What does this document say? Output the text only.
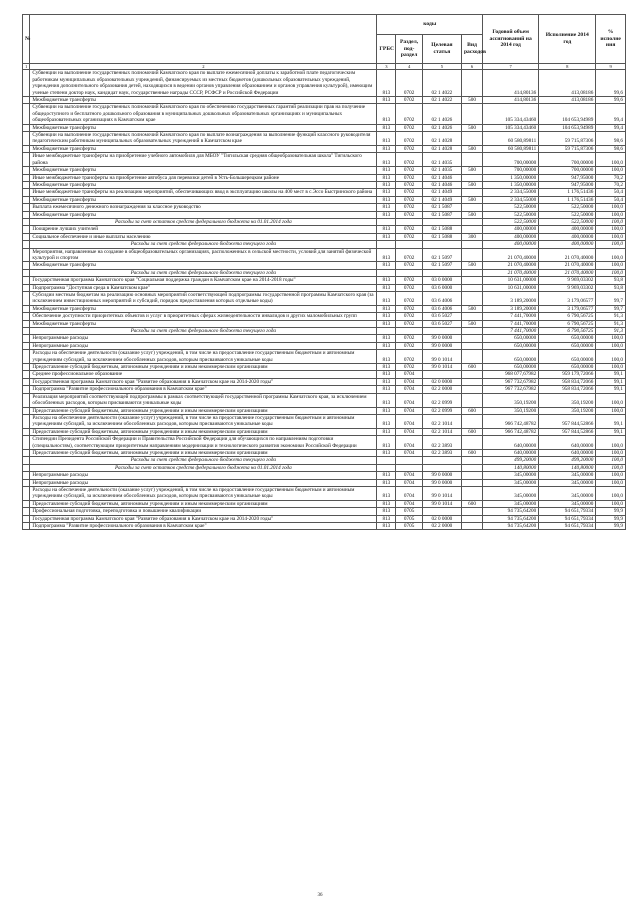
№		коды				Годовой объем ассигнований на 2014 год	Исполнение 2014 год	% исполне ния
		ГРБС	Раздел, под-раздел	Целевая статья	Вид расходов			
1	2	3	4	5	6	7	8	9
	Субвенции на выполнение государственных полномочий Камчатского края по выплате ежемесячной доплаты к заработной плате педагогическим работникам муниципальных образовательных учреждений, финансируемых из местных бюджетов (дошкольных образовательных учреждений, учреждения дополнительного образования детей, находящихся в ведении органов управления образованием и органов управления культурой), имеющим ученые степени доктор наук, кандидат наук, государственные награды СССР, РСФСР и Российской Федерации	813	0702	02 1 4022		414,80136	413,08186	99,6
	Межбюджетные трансферты	813	0702	02 1 4022	500	414,80136	413,08186	99,6
	Субвенции на выполнение государственных полномочий Камчатского края по обеспечению государственных гарантий реализации прав на получение общедоступного и бесплатного дошкольного образования в муниципальных дошкольных образовательных организациях и муниципальных общеобразовательных организациях в Камчатском крае	813	0702	02 1 4026		105 334,43460	104 653,94989	99,4
	Межбюджетные трансферты	813	0702	02 1 4026	500	105 334,43460	104 653,94989	99,4
	Субвенции на выполнение государственных полномочий Камчатского края по выплате вознаграждения за выполнение функций классного руководителя педагогическим работникам муниципальных образовательных учреждений в Камчатском крае	813	0702	02 1 4028		60 580,89811	59 715,87306	98,6
	Межбюджетные трансферты	813	0702	02 1 4028	500	60 580,89811	59 715,87306	98,6
	Иные межбюджетные трансферты на приобретение учебного автомобиля для МБОУ "Тигильская средняя общеобразовательная школа" Тигильского района	813	0702	02 1 4035		700,00000	700,00000	100,0
	Межбюджетные трансферты	813	0702	02 1 4035	500	700,00000	700,00000	100,0
	Иные межбюджетные трансферты на приобретение автобуса для перевозки детей в Усть-Большерецком районе	813	0702	02 1 4046		1 350,00000	947,95000	70,2
	Межбюджетные трансферты	813	0702	02 1 4046	500	1 350,00000	947,95000	70,2
	Иные межбюджетные трансферты на реализацию мероприятий, обеспечивающих ввод в эксплуатацию школы на 400 мест в с.Эссо Быстринского района	813	0702	02 1 4049		2 334,55000	1 176,51436	50,4
	Межбюджетные трансферты	813	0702	02 1 4049	500	2 334,55000	1 176,51436	50,4
	Выплата ежемесячного денежного вознаграждения за классное руководство	813	0702	02 1 5087		522,50000	522,50000	100,0
	Межбюджетные трансферты	813	0702	02 1 5087	500	522,50000	522,50000	100,0
	Расходы за счет остатков средств федерального бюджета на 01.01.2014 года					522,50000	522,50000	100,0
	Поощрение лучших учителей	813	0702	02 1 5088		400,00000	400,00000	100,0
	Социальное обеспечение и иные выплаты населению	813	0702	02 1 5088	300	400,00000	400,00000	100,0
	Расходы за счет средств федерального бюджета текущего года					400,00000	400,00000	100,0
	Мероприятия, направленные на создание в общеобразовательных организациях, расположенных в сельской местности, условий для занятий физической культурой и спортом	813	0702	02 1 5097		21 070,40000	21 070,40000	100,0
	Межбюджетные трансферты	813	0702	02 1 5097	500	21 070,40000	21 070,40000	100,0
	Расходы за счет средств федерального бюджета текущего года					21 070,40000	21 070,40000	100,0
	Государственная программа Камчатского края "Социальная поддержка граждан в Камчатском крае на 2014-2018 годы"	813	0702	03 0 0000		10 631,00000	9 969,03302	93,8
	Подпрограмма "Доступная среда в Камчатском крае"	813	0702	03 6 0000		10 631,00000	9 969,03302	93,8
	Субсидии местным бюджетам на реализацию основных мероприятий соответствующей подпрограммы государственной программы Камчатского края (за исключением инвестиционных мероприятий и субсидий, порядок предоставления которых отдельные коды)	813	0702	03 6 4006		3 189,20000	3 179,06577	99,7
	Межбюджетные трансферты	813	0702	03 6 4006	500	3 189,20000	3 179,06577	99,7
	Обеспечение доступности приоритетных объектов и услуг в приоритетных сферах жизнедеятельности инвалидов и других маломобильных групп	813	0702	03 6 5027		7 441,70000	6 790,56725	91,3
	Межбюджетные трансферты	813	0702	03 6 5027	500	7 441,70000	6 790,56725	91,3
	Расходы за счет средств федерального бюджета текущего года					7 441,70000	6 790,56725	91,3
	Непрограммные расходы	813	0702	99 0 0000		650,00000	650,00000	100,0
	Непрограммные расходы	813	0702	99 0 0000		650,00000	650,00000	100,0
	Расходы на обеспечение деятельности (оказание услуг) учреждений, в том числе на предоставление государственным бюджетным и автономным учреждениям субсидий, за исключением обособленных расходов, которым присваиваются уникальные коды	813	0702	99 0 1014		650,00000	650,00000	100,0
	Предоставление субсидий бюджетным, автономным учреждениям и иным некоммерческим организациям	813	0702	99 0 1014	600	650,00000	650,00000	100,0
	Среднее профессиональное образование	813	0704			968 077,67982	959 179,72066	99,1
	Государственная программа Камчатского края "Развитие образования в Камчатском крае на 2014-2020 годы"	813	0704	02 0 0000		967 732,67982	958 834,72066	99,1
	Подпрограмма "Развитие профессионального образования в Камчатском крае"	813	0704	02 2 0000		967 732,67982	958 834,72066	99,1
	Реализация мероприятий соответствующей подпрограммы в рамках соответствующей государственной программы Камчатского края, за исключением обособленных расходов, которым присваиваются уникальные коды	813	0704	02 2 0999		350,19200	350,19200	100,0
	Предоставление субсидий бюджетным, автономным учреждениям и иным некоммерческим организациям	813	0704	02 2 0999	600	350,19200	350,19200	100,0
	Расходы на обеспечение деятельности (оказание услуг) учреждений, в том числе на предоставление государственным бюджетным и автономным учреждениям субсидий, за исключением обособленных расходов, которым присваиваются уникальные коды	813	0704	02 2 1014		966 742,48782	957 844,52866	99,1
	Предоставление субсидий бюджетным, автономным учреждениям и иным некоммерческим организациям	813	0704	02 2 1014	600	966 742,48782	957 844,52866	99,1
	Стипендии Президента Российской Федерации и Правительства Российской Федерации для обучающихся по направлениям подготовки (специальностям), соответствующим приоритетным направлениям модернизации и технологического развития экономики Российской Федерации	813	0704	02 2 3893		640,00000	640,00000	100,0
	Предоставление субсидий бюджетным, автономным учреждениям и иным некоммерческим организациям	813	0704	02 2 3893	600	640,00000	640,00000	100,0
	Расходы за счет средств федерального бюджета текущего года					499,20000	499,20000	100,0
	Расходы за счет остатков средств федерального бюджета на 01.01.2014 года					140,80000	140,80000	100,0
	Непрограммные расходы	813	0704	99 0 0000		345,00000	345,00000	100,0
	Непрограммные расходы	813	0704	99 0 0000		345,00000	345,00000	100,0
	Расходы на обеспечение деятельности (оказание услуг) учреждений, в том числе на предоставление государственным бюджетным и автономным учреждениям субсидий, за исключением обособленных расходов, которым присваиваются уникальные коды	813	0704	99 0 1014		345,00000	345,00000	100,0
	Предоставление субсидий бюджетным, автономным учреждениям и иным некоммерческим организациям	813	0704	99 0 1014	600	345,00000	345,00000	100,0
	Профессиональная подготовка, переподготовка и повышение квалификации	813	0705			94 735,64200	94 651,79334	99,9
	Государственная программа Камчатского края "Развитие образования в Камчатском крае на 2014-2020 годы"	813	0705	02 0 0000		94 735,64200	94 651,79334	99,9
	Подпрограмма "Развитие профессионального образования в Камчатском крае"	813	0705	02 2 0000		94 735,64200	94 651,79334	99,9
36
